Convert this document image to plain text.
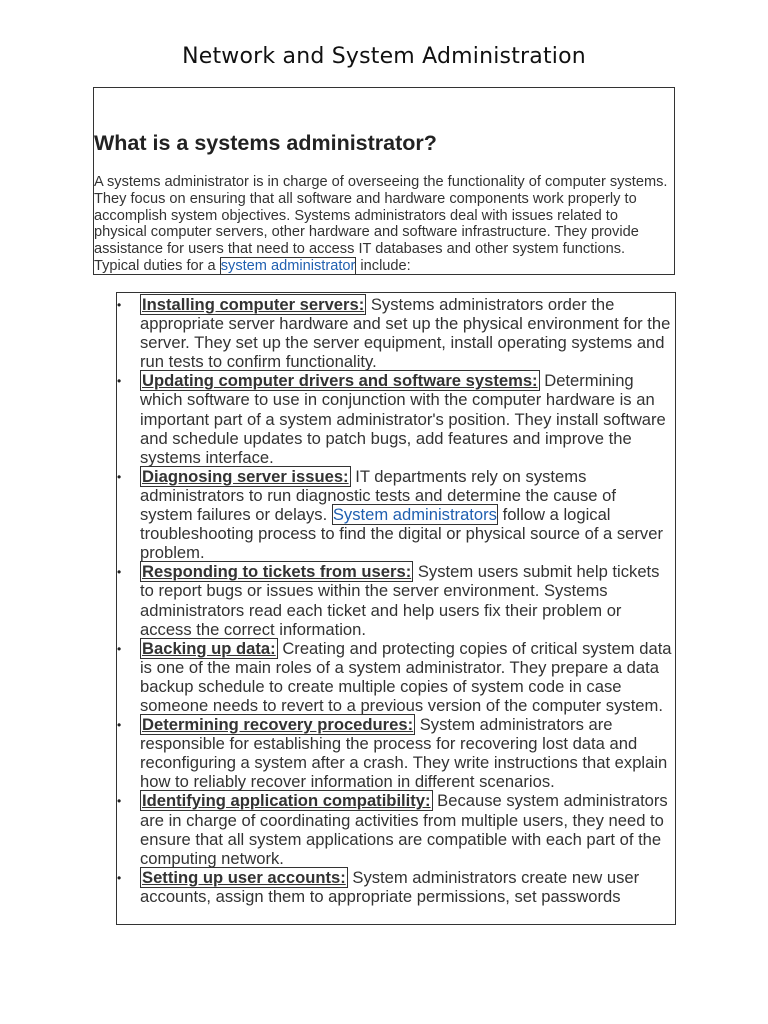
Network and System Administration
What is a systems administrator?
A systems administrator is in charge of overseeing the functionality of computer systems. They focus on ensuring that all software and hardware components work properly to accomplish system objectives. Systems administrators deal with issues related to physical computer servers, other hardware and software infrastructure. They provide assistance for users that need to access IT databases and other system functions. Typical duties for a system administrator include:
• Installing computer servers: Systems administrators order the appropriate server hardware and set up the physical environment for the server. They set up the server equipment, install operating systems and run tests to confirm functionality.
• Updating computer drivers and software systems: Determining which software to use in conjunction with the computer hardware is an important part of a system administrator's position. They install software and schedule updates to patch bugs, add features and improve the systems interface.
• Diagnosing server issues: IT departments rely on systems administrators to run diagnostic tests and determine the cause of system failures or delays. System administrators follow a logical troubleshooting process to find the digital or physical source of a server problem.
• Responding to tickets from users: System users submit help tickets to report bugs or issues within the server environment. Systems administrators read each ticket and help users fix their problem or access the correct information.
• Backing up data: Creating and protecting copies of critical system data is one of the main roles of a system administrator. They prepare a data backup schedule to create multiple copies of system code in case someone needs to revert to a previous version of the computer system.
• Determining recovery procedures: System administrators are responsible for establishing the process for recovering lost data and reconfiguring a system after a crash. They write instructions that explain how to reliably recover information in different scenarios.
• Identifying application compatibility: Because system administrators are in charge of coordinating activities from multiple users, they need to ensure that all system applications are compatible with each part of the computing network.
• Setting up user accounts: System administrators create new user accounts, assign them to appropriate permissions, set passwords
